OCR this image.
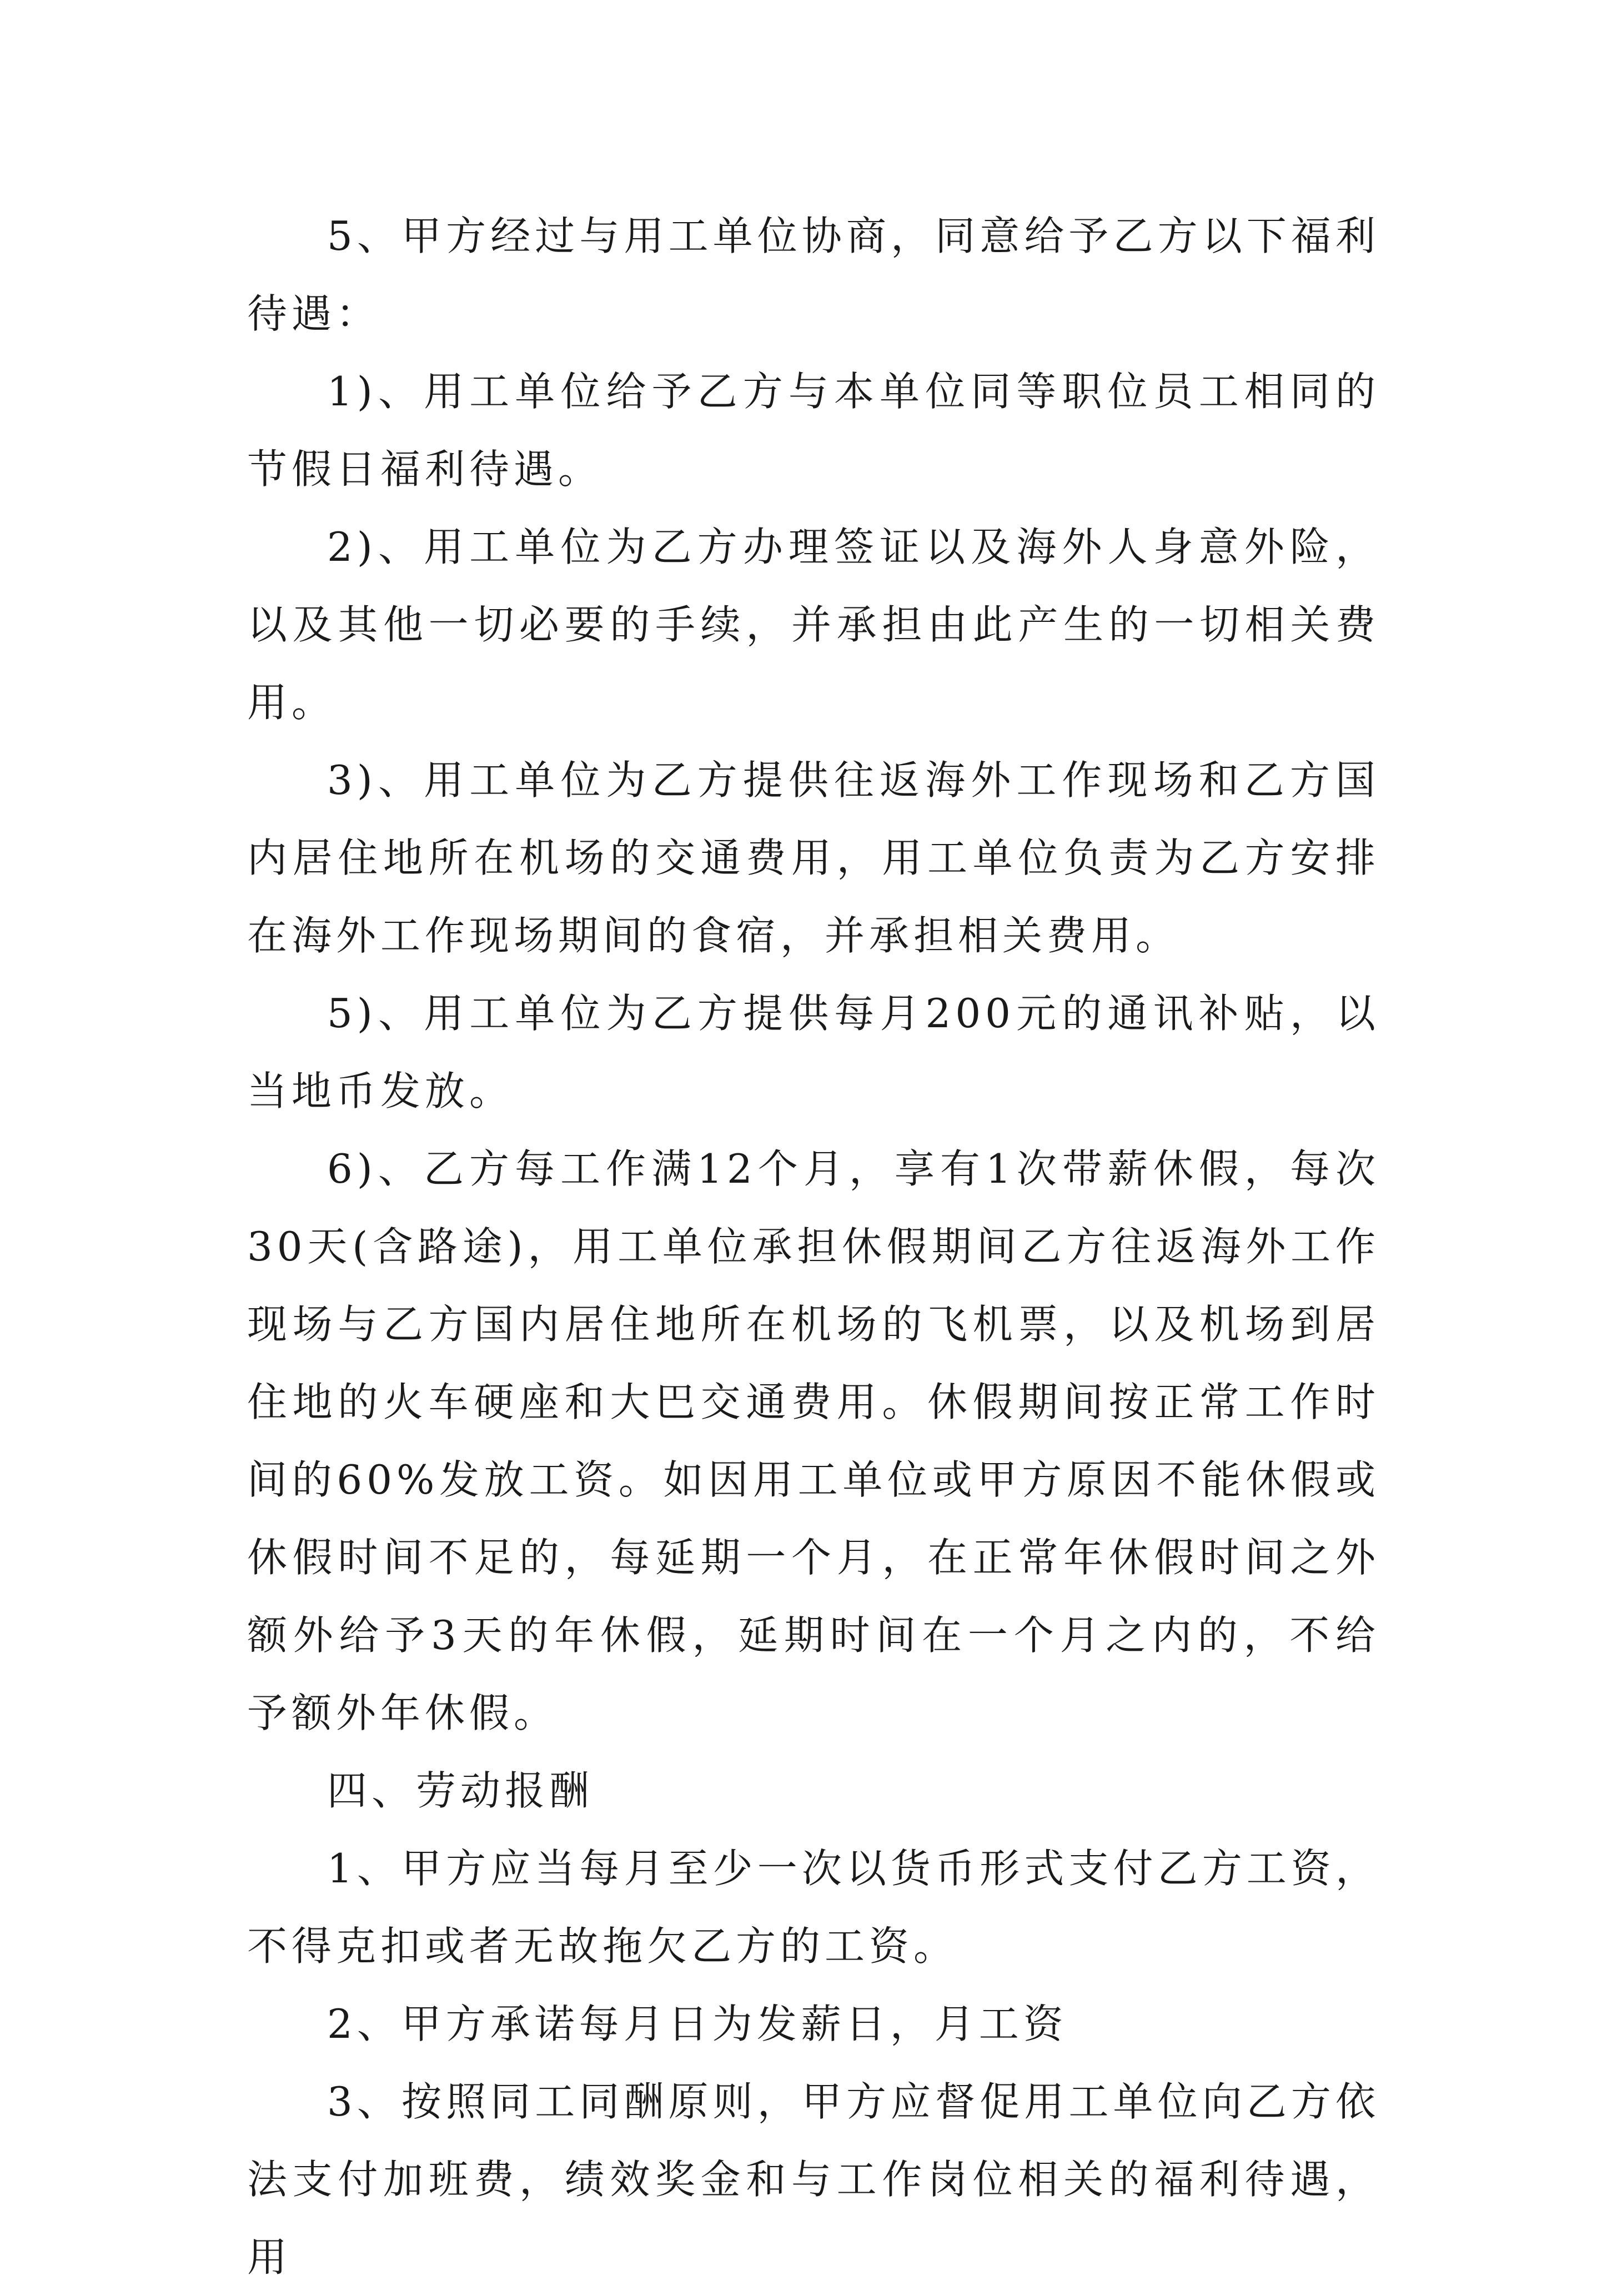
5、甲方经过与用工单位协商，同意给予乙方以下福利待遇：

1)、用工单位给予乙方与本单位同等职位员工相同的节假日福利待遇。

2)、用工单位为乙方办理签证以及海外人身意外险，以及其他一切必要的手续，并承担由此产生的一切相关费用。

3)、用工单位为乙方提供往返海外工作现场和乙方国内居住地所在机场的交通费用，用工单位负责为乙方安排在海外工作现场期间的食宿，并承担相关费用。

5)、用工单位为乙方提供每月200元的通讯补贴，以当地币发放。

6)、乙方每工作满12个月，享有1次带薪休假，每次30天(含路途)，用工单位承担休假期间乙方往返海外工作现场与乙方国内居住地所在机场的飞机票，以及机场到居住地的火车硬座和大巴交通费用。休假期间按正常工作时间的60%发放工资。如因用工单位或甲方原因不能休假或休假时间不足的，每延期一个月，在正常年休假时间之外额外给予3天的年休假，延期时间在一个月之内的，不给予额外年休假。

四、劳动报酬

1、甲方应当每月至少一次以货币形式支付乙方工资，不得克扣或者无故拖欠乙方的工资。

2、甲方承诺每月日为发薪日，月工资

3、按照同工同酬原则，甲方应督促用工单位向乙方依法支付加班费，绩效奖金和与工作岗位相关的福利待遇，用
